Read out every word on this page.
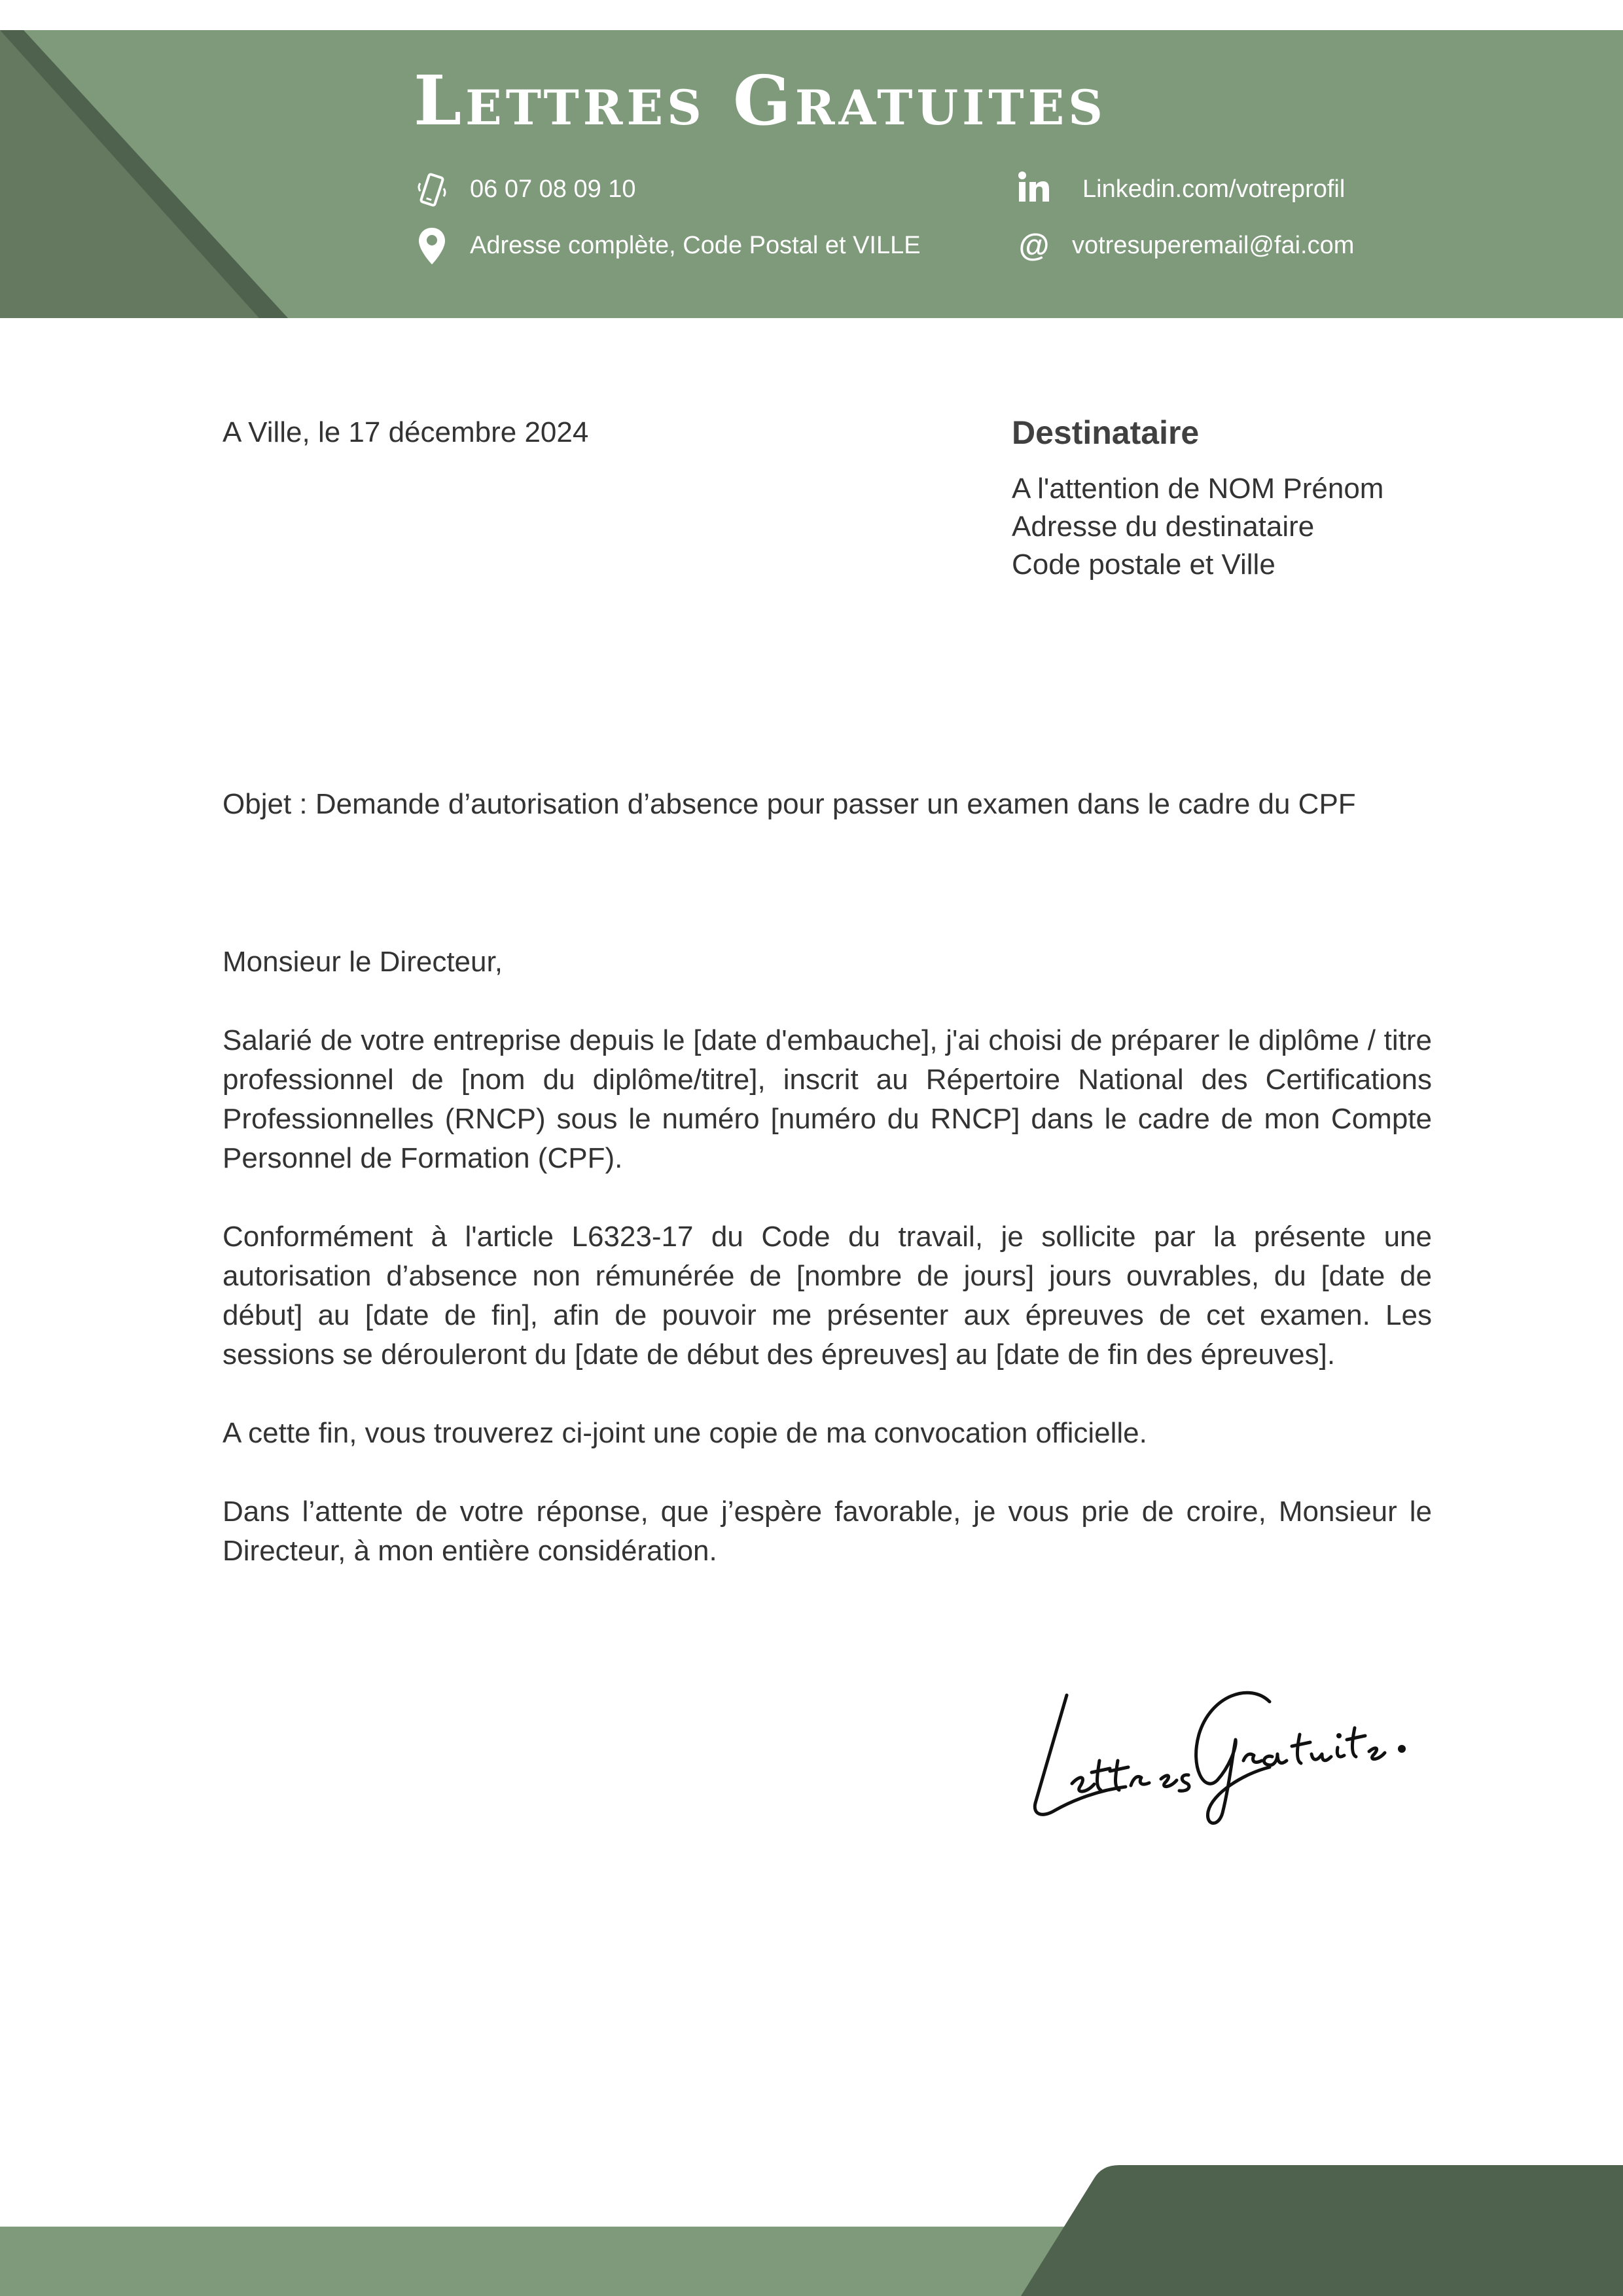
Lettres Gratuites
06 07 08 09 10
Adresse complète, Code Postal et VILLE
Linkedin.com/votreprofil
@ votresuperemail@fai.com
A Ville, le 17 décembre 2024	Destinataire
A l'attention de NOM Prénom
Adresse du destinataire
Code postale et Ville
Objet : Demande d’autorisation d’absence pour passer un examen dans le cadre du CPF

Monsieur le Directeur,

Salarié de votre entreprise depuis le [date d'embauche], j'ai choisi de préparer le diplôme / titre professionnel de [nom du diplôme/titre], inscrit au Répertoire National des Certifications Professionnelles (RNCP) sous le numéro [numéro du RNCP] dans le cadre de mon Compte Personnel de Formation (CPF).

Conformément à l'article L6323-17 du Code du travail, je sollicite par la présente une autorisation d’absence non rémunérée de [nombre de jours] jours ouvrables, du [date de début] au [date de fin], afin de pouvoir me présenter aux épreuves de cet examen. Les sessions se dérouleront du [date de début des épreuves] au [date de fin des épreuves].

A cette fin, vous trouverez ci-joint une copie de ma convocation officielle.

Dans l’attente de votre réponse, que j’espère favorable, je vous prie de croire, Monsieur le Directeur, à mon entière considération.
